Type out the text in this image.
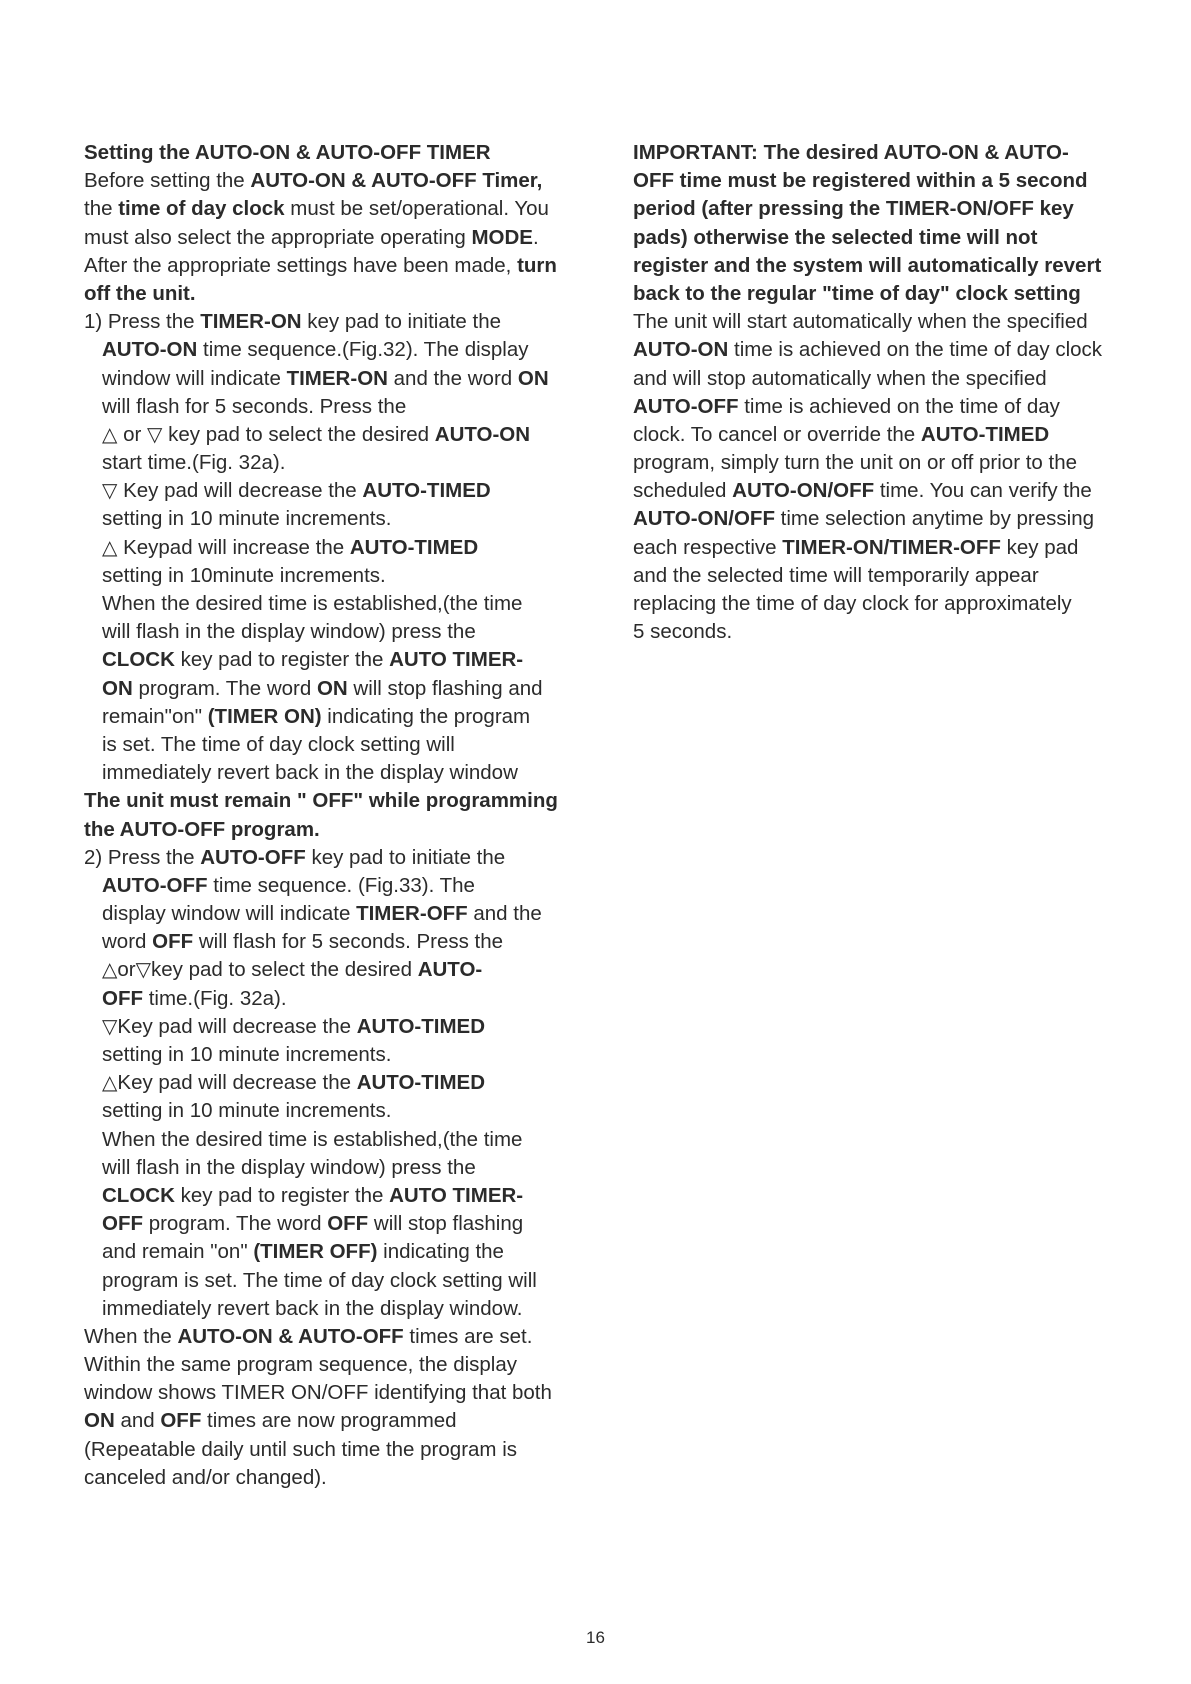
Setting the AUTO-ON & AUTO-OFF TIMER
Before setting the AUTO-ON & AUTO-OFF Timer,
the time of day clock must be set/operational. You
must also select the appropriate operating MODE.
After the appropriate settings have been made, turn
off the unit.
1) Press the TIMER-ON key pad to initiate the
AUTO-ON time sequence.(Fig.32). The display
window will indicate TIMER-ON and the word ON
will flash for 5 seconds. Press the
△ or ▽ key pad to select the desired AUTO-ON
start time.(Fig. 32a).
▽ Key pad will decrease the AUTO-TIMED
setting in 10 minute increments.
△ Keypad will increase the AUTO-TIMED
setting in 10minute increments.
When the desired time is established,(the time
will flash in the display window) press the
CLOCK key pad to register the AUTO TIMER-
ON program. The word ON will stop flashing and
remain"on" (TIMER ON) indicating the program
is set. The time of day clock setting will
immediately revert back in the display window
The unit must remain " OFF" while programming
the AUTO-OFF program.
2) Press the AUTO-OFF key pad to initiate the
AUTO-OFF time sequence. (Fig.33). The
display window will indicate TIMER-OFF and the
word OFF will flash for 5 seconds. Press the
△or▽key pad to select the desired AUTO-
OFF time.(Fig. 32a).
▽Key pad will decrease the AUTO-TIMED
setting in 10 minute increments.
△Key pad will decrease the AUTO-TIMED
setting in 10 minute increments.
When the desired time is established,(the time
will flash in the display window) press the
CLOCK key pad to register the AUTO TIMER-
OFF program. The word OFF will stop flashing
and remain "on" (TIMER OFF) indicating the
program is set. The time of day clock setting will
immediately revert back in the display window.
When the AUTO-ON & AUTO-OFF times are set.
Within the same program sequence, the display
window shows TIMER ON/OFF identifying that both
ON and OFF times are now programmed
(Repeatable daily until such time the program is
canceled and/or changed).
IMPORTANT: The desired AUTO-ON & AUTO-
OFF time must be registered within a 5 second
period (after pressing the TIMER-ON/OFF key
pads) otherwise the selected time will not
register and the system will automatically revert
back to the regular "time of day" clock setting
The unit will start automatically when the specified
AUTO-ON time is achieved on the time of day clock
and will stop automatically when the specified
AUTO-OFF time is achieved on the time of day
clock. To cancel or override the AUTO-TIMED
program, simply turn the unit on or off prior to the
scheduled AUTO-ON/OFF time. You can verify the
AUTO-ON/OFF time selection anytime by pressing
each respective TIMER-ON/TIMER-OFF key pad
and the selected time will temporarily appear
replacing the time of day clock for approximately
5 seconds.
16
